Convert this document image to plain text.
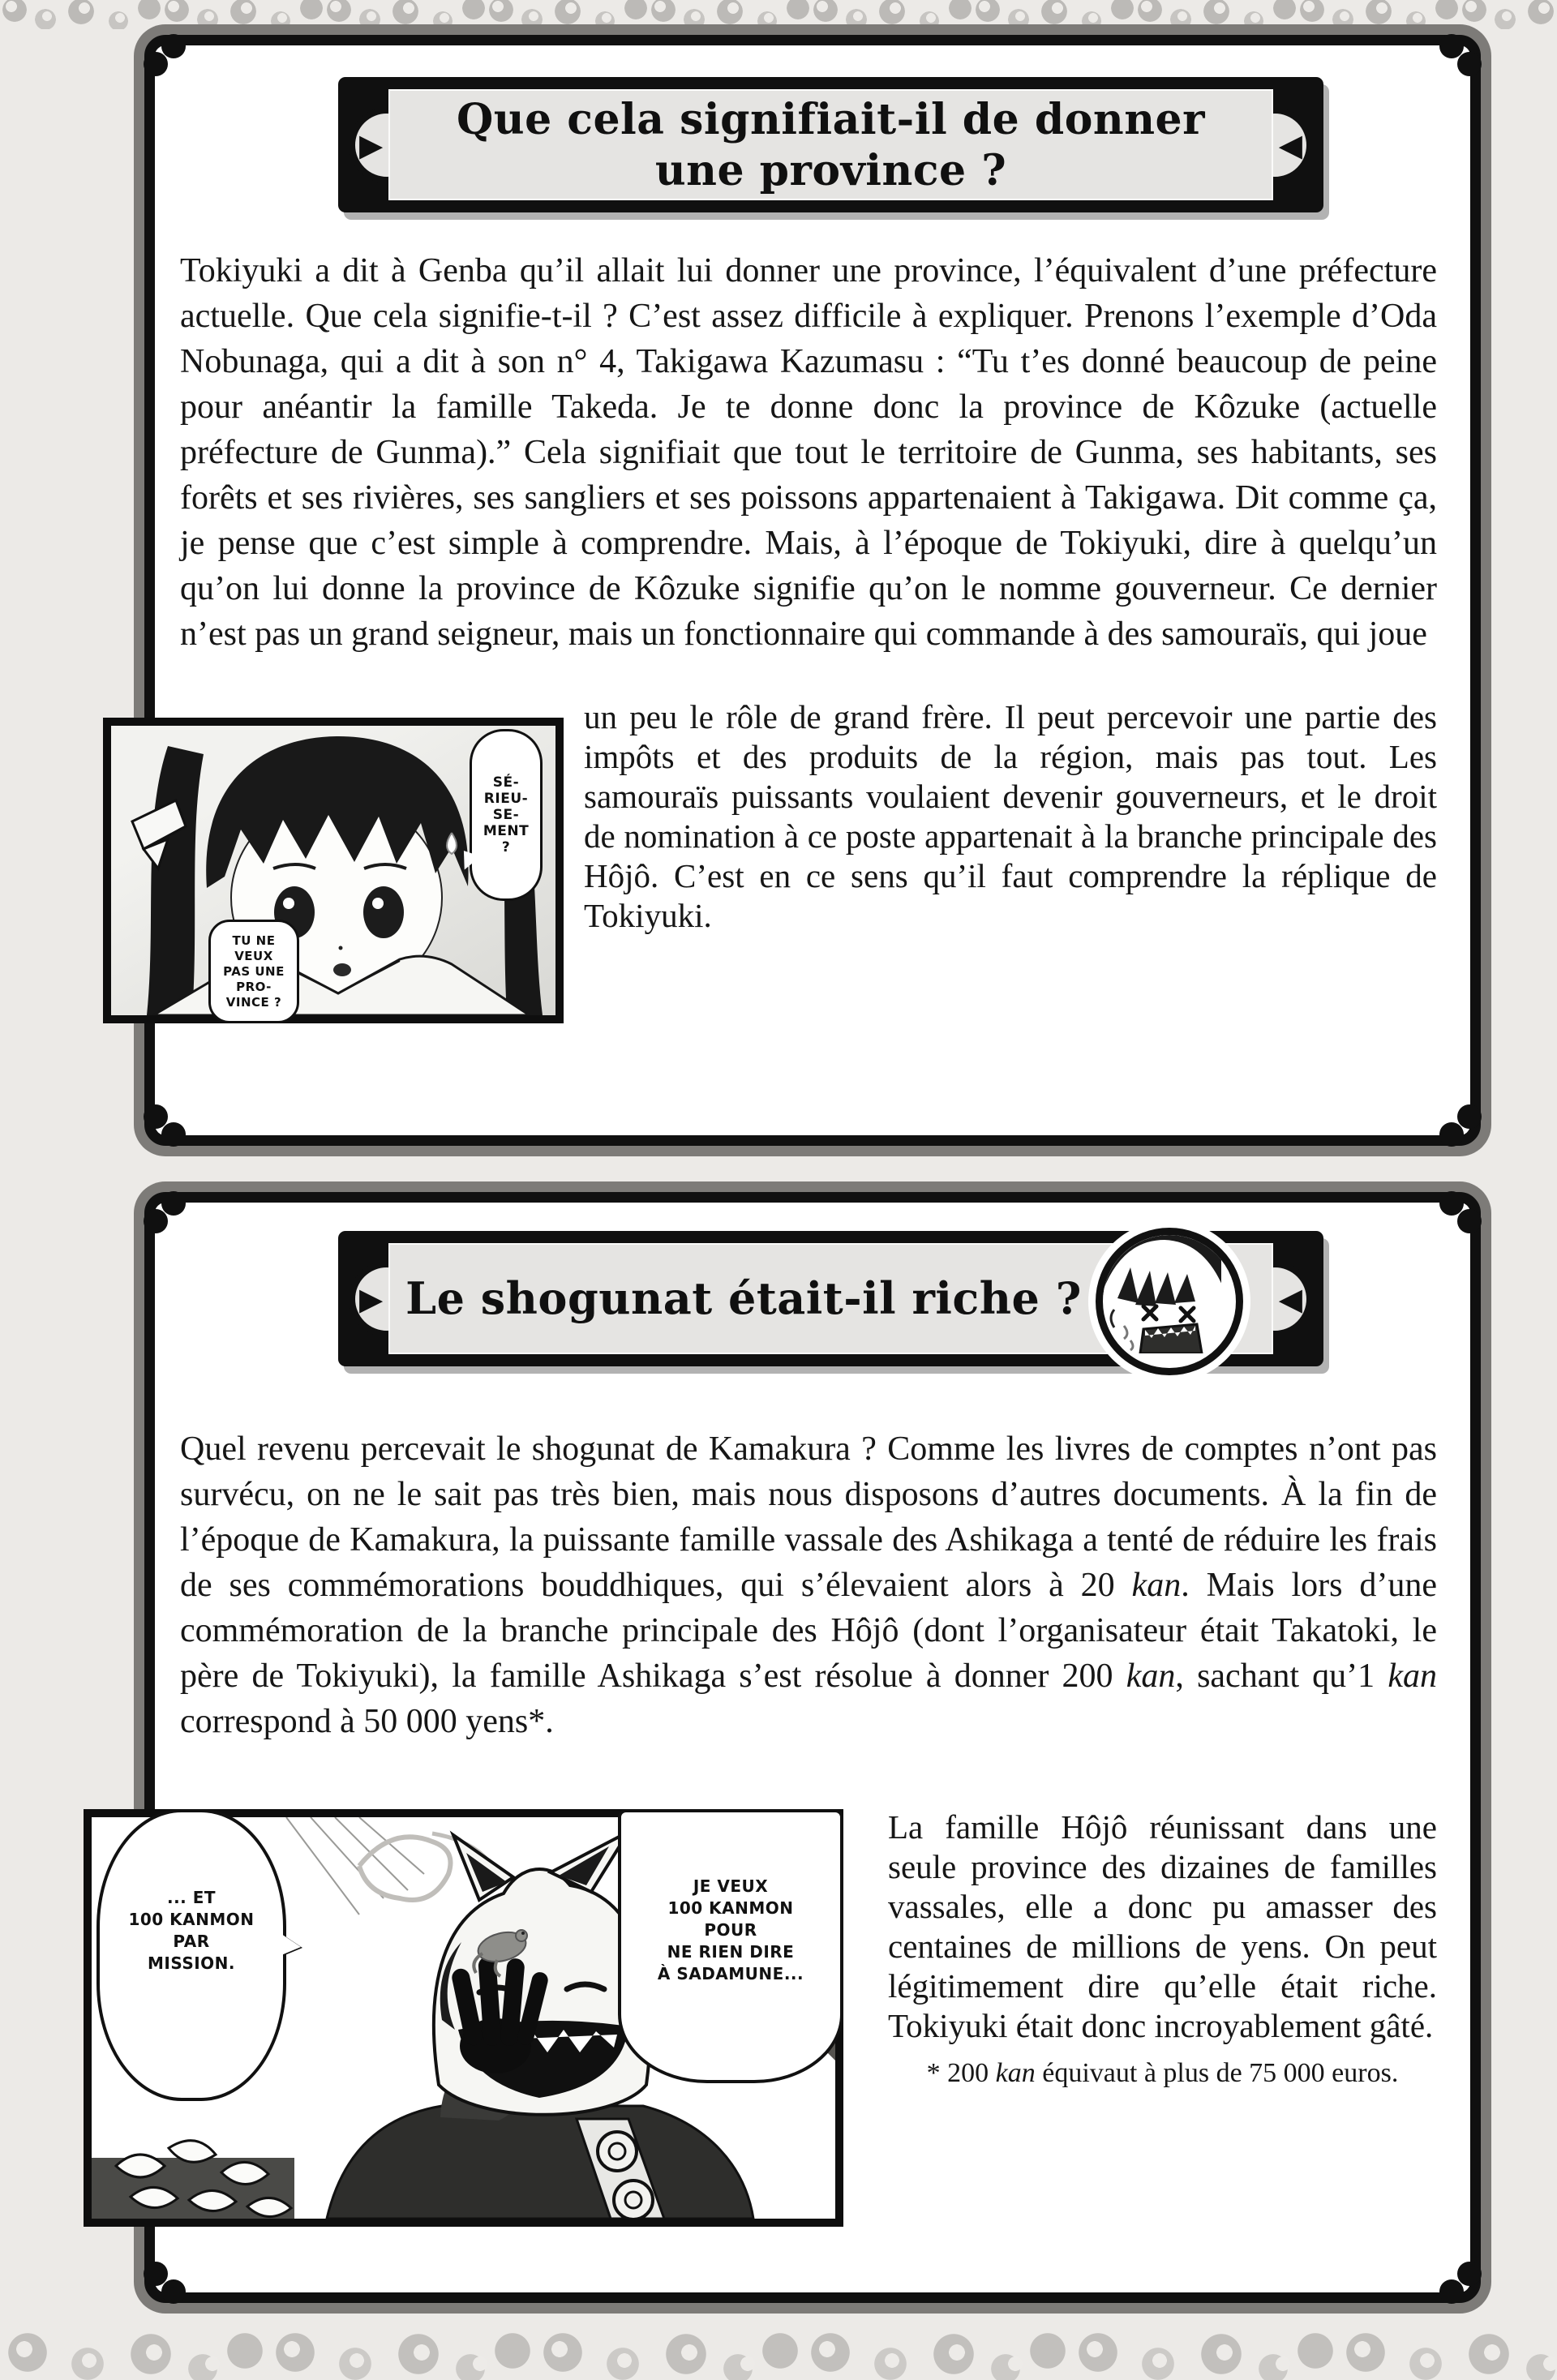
▶	◀
Que cela signifiait-il de donner
une province ?
Tokiyuki a dit à Genba qu’il allait lui donner une province, l’équivalent d’une préfecture actuelle. Que cela signifie-t-il ? C’est assez difficile à expliquer. Prenons l’exemple d’Oda Nobunaga, qui a dit à son n° 4, Takigawa Kazumasu : “Tu t’es donné beaucoup de peine pour anéantir la famille Takeda. Je te donne donc la province de Kôzuke (actuelle préfecture de Gunma).” Cela signifiait que tout le territoire de Gunma, ses habitants, ses forêts et ses rivières, ses sangliers et ses poissons appartenaient à Takigawa. Dit comme ça, je pense que c’est simple à comprendre. Mais, à l’époque de Tokiyuki, dire à quelqu’un qu’on lui donne la province de Kôzuke signifie qu’on le nomme gouverneur. Ce dernier n’est pas un grand seigneur, mais un fonctionnaire qui commande à des samouraïs, qui joue
SÉ-
RIEU-
SE-
MENT
?
TU NE
VEUX
PAS UNE
PRO-
VINCE ?
un peu le rôle de grand frère. Il peut percevoir une partie des impôts et des produits de la région, mais pas tout. Les samouraïs puissants voulaient devenir gouverneurs, et le droit de nomination à ce poste appartenait à la branche principale des Hôjô. C’est en ce sens qu’il faut comprendre la réplique de Tokiyuki.
▶	◀
Le shogunat était-il riche ?
Quel revenu percevait le shogunat de Kamakura ? Comme les livres de comptes n’ont pas survécu, on ne le sait pas très bien, mais nous disposons d’autres documents. À la fin de l’époque de Kamakura, la puissante famille vassale des Ashikaga a tenté de réduire les frais de ses commémorations bouddhiques, qui s’élevaient alors à 20 kan. Mais lors d’une commémoration de la branche principale des Hôjô (dont l’organisateur était Takatoki, le père de Tokiyuki), la famille Ashikaga s’est résolue à donner 200 kan, sachant qu’1 kan correspond à 50 000 yens*.
... ET
100 KANMON
PAR
MISSION.
JE VEUX
100 KANMON
POUR
NE RIEN DIRE
À SADAMUNE...
La famille Hôjô réunissant dans une seule province des dizaines de familles vassales, elle a donc pu amasser des centaines de millions de yens. On peut légitimement dire qu’elle était riche. Tokiyuki était donc incroyablement gâté.
* 200 kan équivaut à plus de 75 000 euros.
